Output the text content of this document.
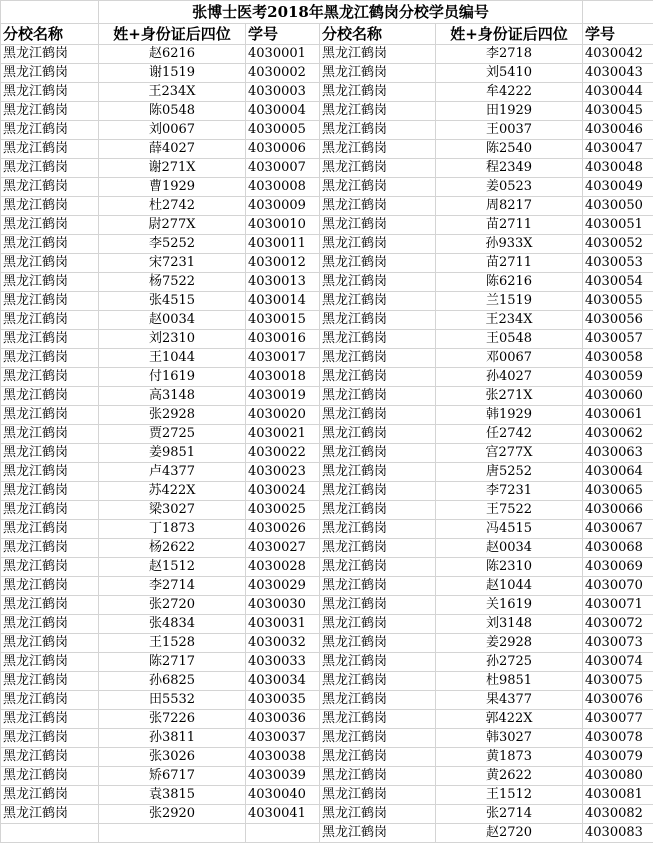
	张博士医考2018年黑龙江鹤岗分校学员编号				
分校名称	姓+身份证后四位	学号	分校名称	姓+身份证后四位	学号
黑龙江鹤岗	赵6216	4030001	黑龙江鹤岗	李2718	4030042
黑龙江鹤岗	谢1519	4030002	黑龙江鹤岗	刘5410	4030043
黑龙江鹤岗	王234X	4030003	黑龙江鹤岗	牟4222	4030044
黑龙江鹤岗	陈0548	4030004	黑龙江鹤岗	田1929	4030045
黑龙江鹤岗	刘0067	4030005	黑龙江鹤岗	王0037	4030046
黑龙江鹤岗	薛4027	4030006	黑龙江鹤岗	陈2540	4030047
黑龙江鹤岗	谢271X	4030007	黑龙江鹤岗	程2349	4030048
黑龙江鹤岗	曹1929	4030008	黑龙江鹤岗	姜0523	4030049
黑龙江鹤岗	杜2742	4030009	黑龙江鹤岗	周8217	4030050
黑龙江鹤岗	尉277X	4030010	黑龙江鹤岗	苗2711	4030051
黑龙江鹤岗	李5252	4030011	黑龙江鹤岗	孙933X	4030052
黑龙江鹤岗	宋7231	4030012	黑龙江鹤岗	苗2711	4030053
黑龙江鹤岗	杨7522	4030013	黑龙江鹤岗	陈6216	4030054
黑龙江鹤岗	张4515	4030014	黑龙江鹤岗	兰1519	4030055
黑龙江鹤岗	赵0034	4030015	黑龙江鹤岗	王234X	4030056
黑龙江鹤岗	刘2310	4030016	黑龙江鹤岗	王0548	4030057
黑龙江鹤岗	王1044	4030017	黑龙江鹤岗	邓0067	4030058
黑龙江鹤岗	付1619	4030018	黑龙江鹤岗	孙4027	4030059
黑龙江鹤岗	高3148	4030019	黑龙江鹤岗	张271X	4030060
黑龙江鹤岗	张2928	4030020	黑龙江鹤岗	韩1929	4030061
黑龙江鹤岗	贾2725	4030021	黑龙江鹤岗	任2742	4030062
黑龙江鹤岗	姜9851	4030022	黑龙江鹤岗	宫277X	4030063
黑龙江鹤岗	卢4377	4030023	黑龙江鹤岗	唐5252	4030064
黑龙江鹤岗	苏422X	4030024	黑龙江鹤岗	李7231	4030065
黑龙江鹤岗	梁3027	4030025	黑龙江鹤岗	王7522	4030066
黑龙江鹤岗	丁1873	4030026	黑龙江鹤岗	冯4515	4030067
黑龙江鹤岗	杨2622	4030027	黑龙江鹤岗	赵0034	4030068
黑龙江鹤岗	赵1512	4030028	黑龙江鹤岗	陈2310	4030069
黑龙江鹤岗	李2714	4030029	黑龙江鹤岗	赵1044	4030070
黑龙江鹤岗	张2720	4030030	黑龙江鹤岗	关1619	4030071
黑龙江鹤岗	张4834	4030031	黑龙江鹤岗	刘3148	4030072
黑龙江鹤岗	王1528	4030032	黑龙江鹤岗	姜2928	4030073
黑龙江鹤岗	陈2717	4030033	黑龙江鹤岗	孙2725	4030074
黑龙江鹤岗	孙6825	4030034	黑龙江鹤岗	杜9851	4030075
黑龙江鹤岗	田5532	4030035	黑龙江鹤岗	果4377	4030076
黑龙江鹤岗	张7226	4030036	黑龙江鹤岗	郭422X	4030077
黑龙江鹤岗	孙3811	4030037	黑龙江鹤岗	韩3027	4030078
黑龙江鹤岗	张3026	4030038	黑龙江鹤岗	黄1873	4030079
黑龙江鹤岗	矫6717	4030039	黑龙江鹤岗	黄2622	4030080
黑龙江鹤岗	袁3815	4030040	黑龙江鹤岗	王1512	4030081
黑龙江鹤岗	张2920	4030041	黑龙江鹤岗	张2714	4030082
			黑龙江鹤岗	赵2720	4030083
